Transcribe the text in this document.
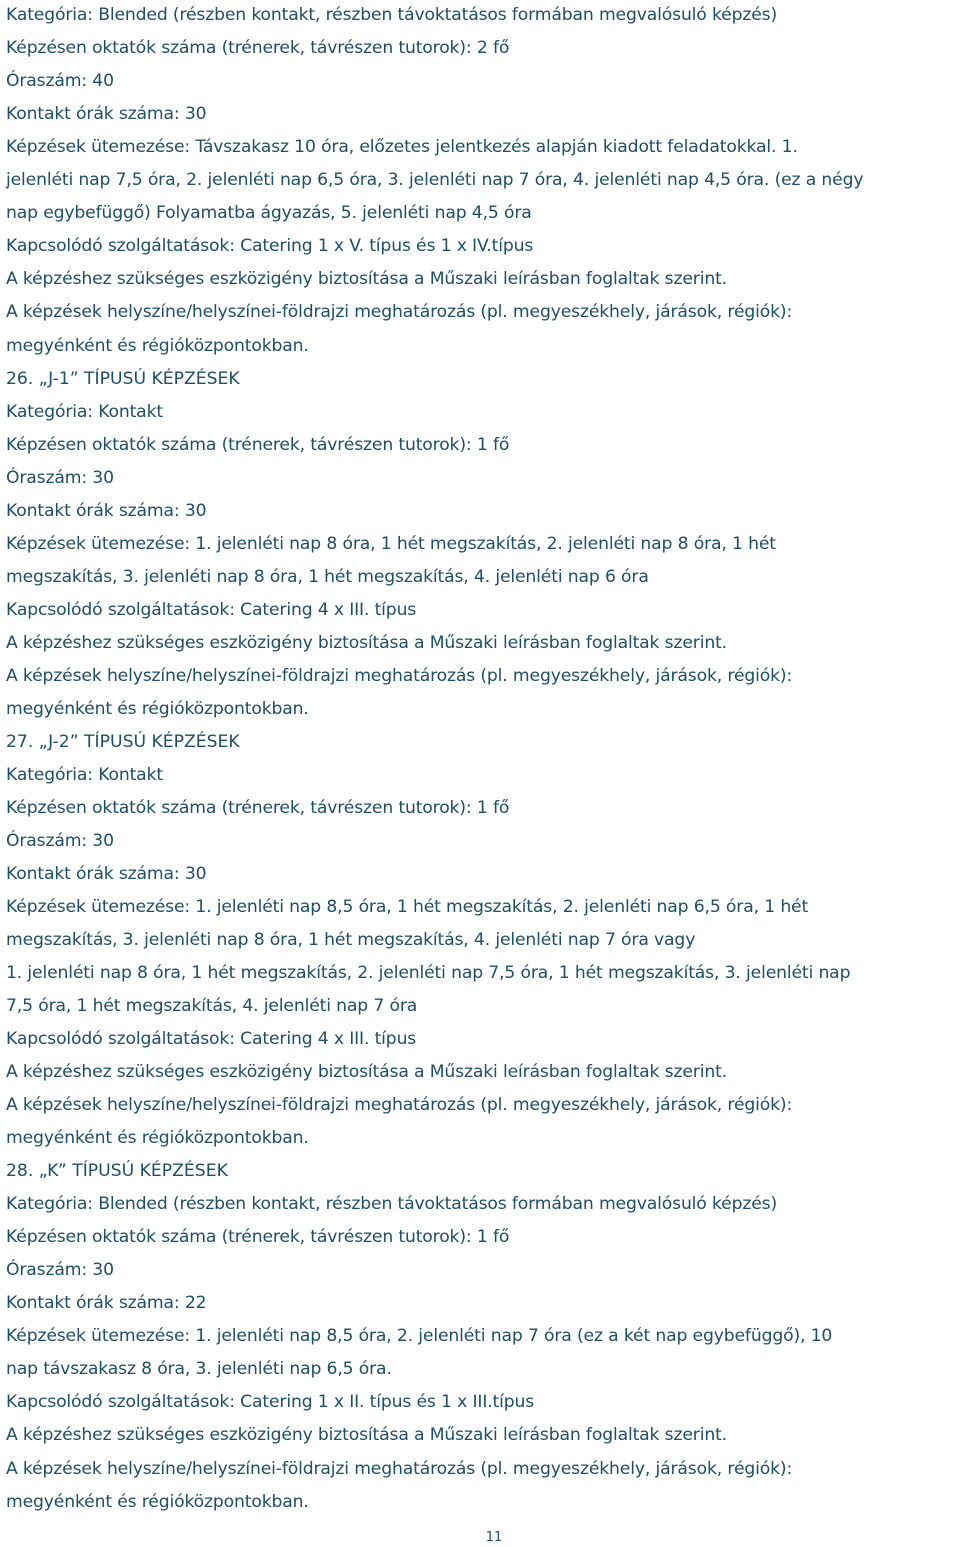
Kategória: Blended (részben kontakt, részben távoktatásos formában megvalósuló képzés)
Képzésen oktatók száma (trénerek, távrészen tutorok): 2 fő
Óraszám: 40
Kontakt órák száma: 30
Képzések ütemezése: Távszakasz 10 óra, előzetes jelentkezés alapján kiadott feladatokkal. 1.
jelenléti nap 7,5 óra, 2. jelenléti nap 6,5 óra, 3. jelenléti nap 7 óra, 4. jelenléti nap 4,5 óra. (ez a négy
nap egybefüggő) Folyamatba ágyazás, 5. jelenléti nap 4,5 óra
Kapcsolódó szolgáltatások: Catering 1 x V. típus és 1 x IV.típus
A képzéshez szükséges eszközigény biztosítása a Műszaki leírásban foglaltak szerint.
A képzések helyszíne/helyszínei-földrajzi meghatározás (pl. megyeszékhely, járások, régiók):
megyénként és régióközpontokban.
26. „J-1” TÍPUSÚ KÉPZÉSEK
Kategória: Kontakt
Képzésen oktatók száma (trénerek, távrészen tutorok): 1 fő
Óraszám: 30
Kontakt órák száma: 30
Képzések ütemezése: 1. jelenléti nap 8 óra, 1 hét megszakítás, 2. jelenléti nap 8 óra, 1 hét
megszakítás, 3. jelenléti nap 8 óra, 1 hét megszakítás, 4. jelenléti nap 6 óra
Kapcsolódó szolgáltatások: Catering 4 x III. típus
A képzéshez szükséges eszközigény biztosítása a Műszaki leírásban foglaltak szerint.
A képzések helyszíne/helyszínei-földrajzi meghatározás (pl. megyeszékhely, járások, régiók):
megyénként és régióközpontokban.
27. „J-2” TÍPUSÚ KÉPZÉSEK
Kategória: Kontakt
Képzésen oktatók száma (trénerek, távrészen tutorok): 1 fő
Óraszám: 30
Kontakt órák száma: 30
Képzések ütemezése: 1. jelenléti nap 8,5 óra, 1 hét megszakítás, 2. jelenléti nap 6,5 óra, 1 hét
megszakítás, 3. jelenléti nap 8 óra, 1 hét megszakítás, 4. jelenléti nap 7 óra vagy
1. jelenléti nap 8 óra, 1 hét megszakítás, 2. jelenléti nap 7,5 óra, 1 hét megszakítás, 3. jelenléti nap
7,5 óra, 1 hét megszakítás, 4. jelenléti nap 7 óra
Kapcsolódó szolgáltatások: Catering 4 x III. típus
A képzéshez szükséges eszközigény biztosítása a Műszaki leírásban foglaltak szerint.
A képzések helyszíne/helyszínei-földrajzi meghatározás (pl. megyeszékhely, járások, régiók):
megyénként és régióközpontokban.
28. „K” TÍPUSÚ KÉPZÉSEK
Kategória: Blended (részben kontakt, részben távoktatásos formában megvalósuló képzés)
Képzésen oktatók száma (trénerek, távrészen tutorok): 1 fő
Óraszám: 30
Kontakt órák száma: 22
Képzések ütemezése: 1. jelenléti nap 8,5 óra, 2. jelenléti nap 7 óra (ez a két nap egybefüggő), 10
nap távszakasz 8 óra, 3. jelenléti nap 6,5 óra.
Kapcsolódó szolgáltatások: Catering 1 x II. típus és 1 x III.típus
A képzéshez szükséges eszközigény biztosítása a Műszaki leírásban foglaltak szerint.
A képzések helyszíne/helyszínei-földrajzi meghatározás (pl. megyeszékhely, járások, régiók):
megyénként és régióközpontokban.
11
